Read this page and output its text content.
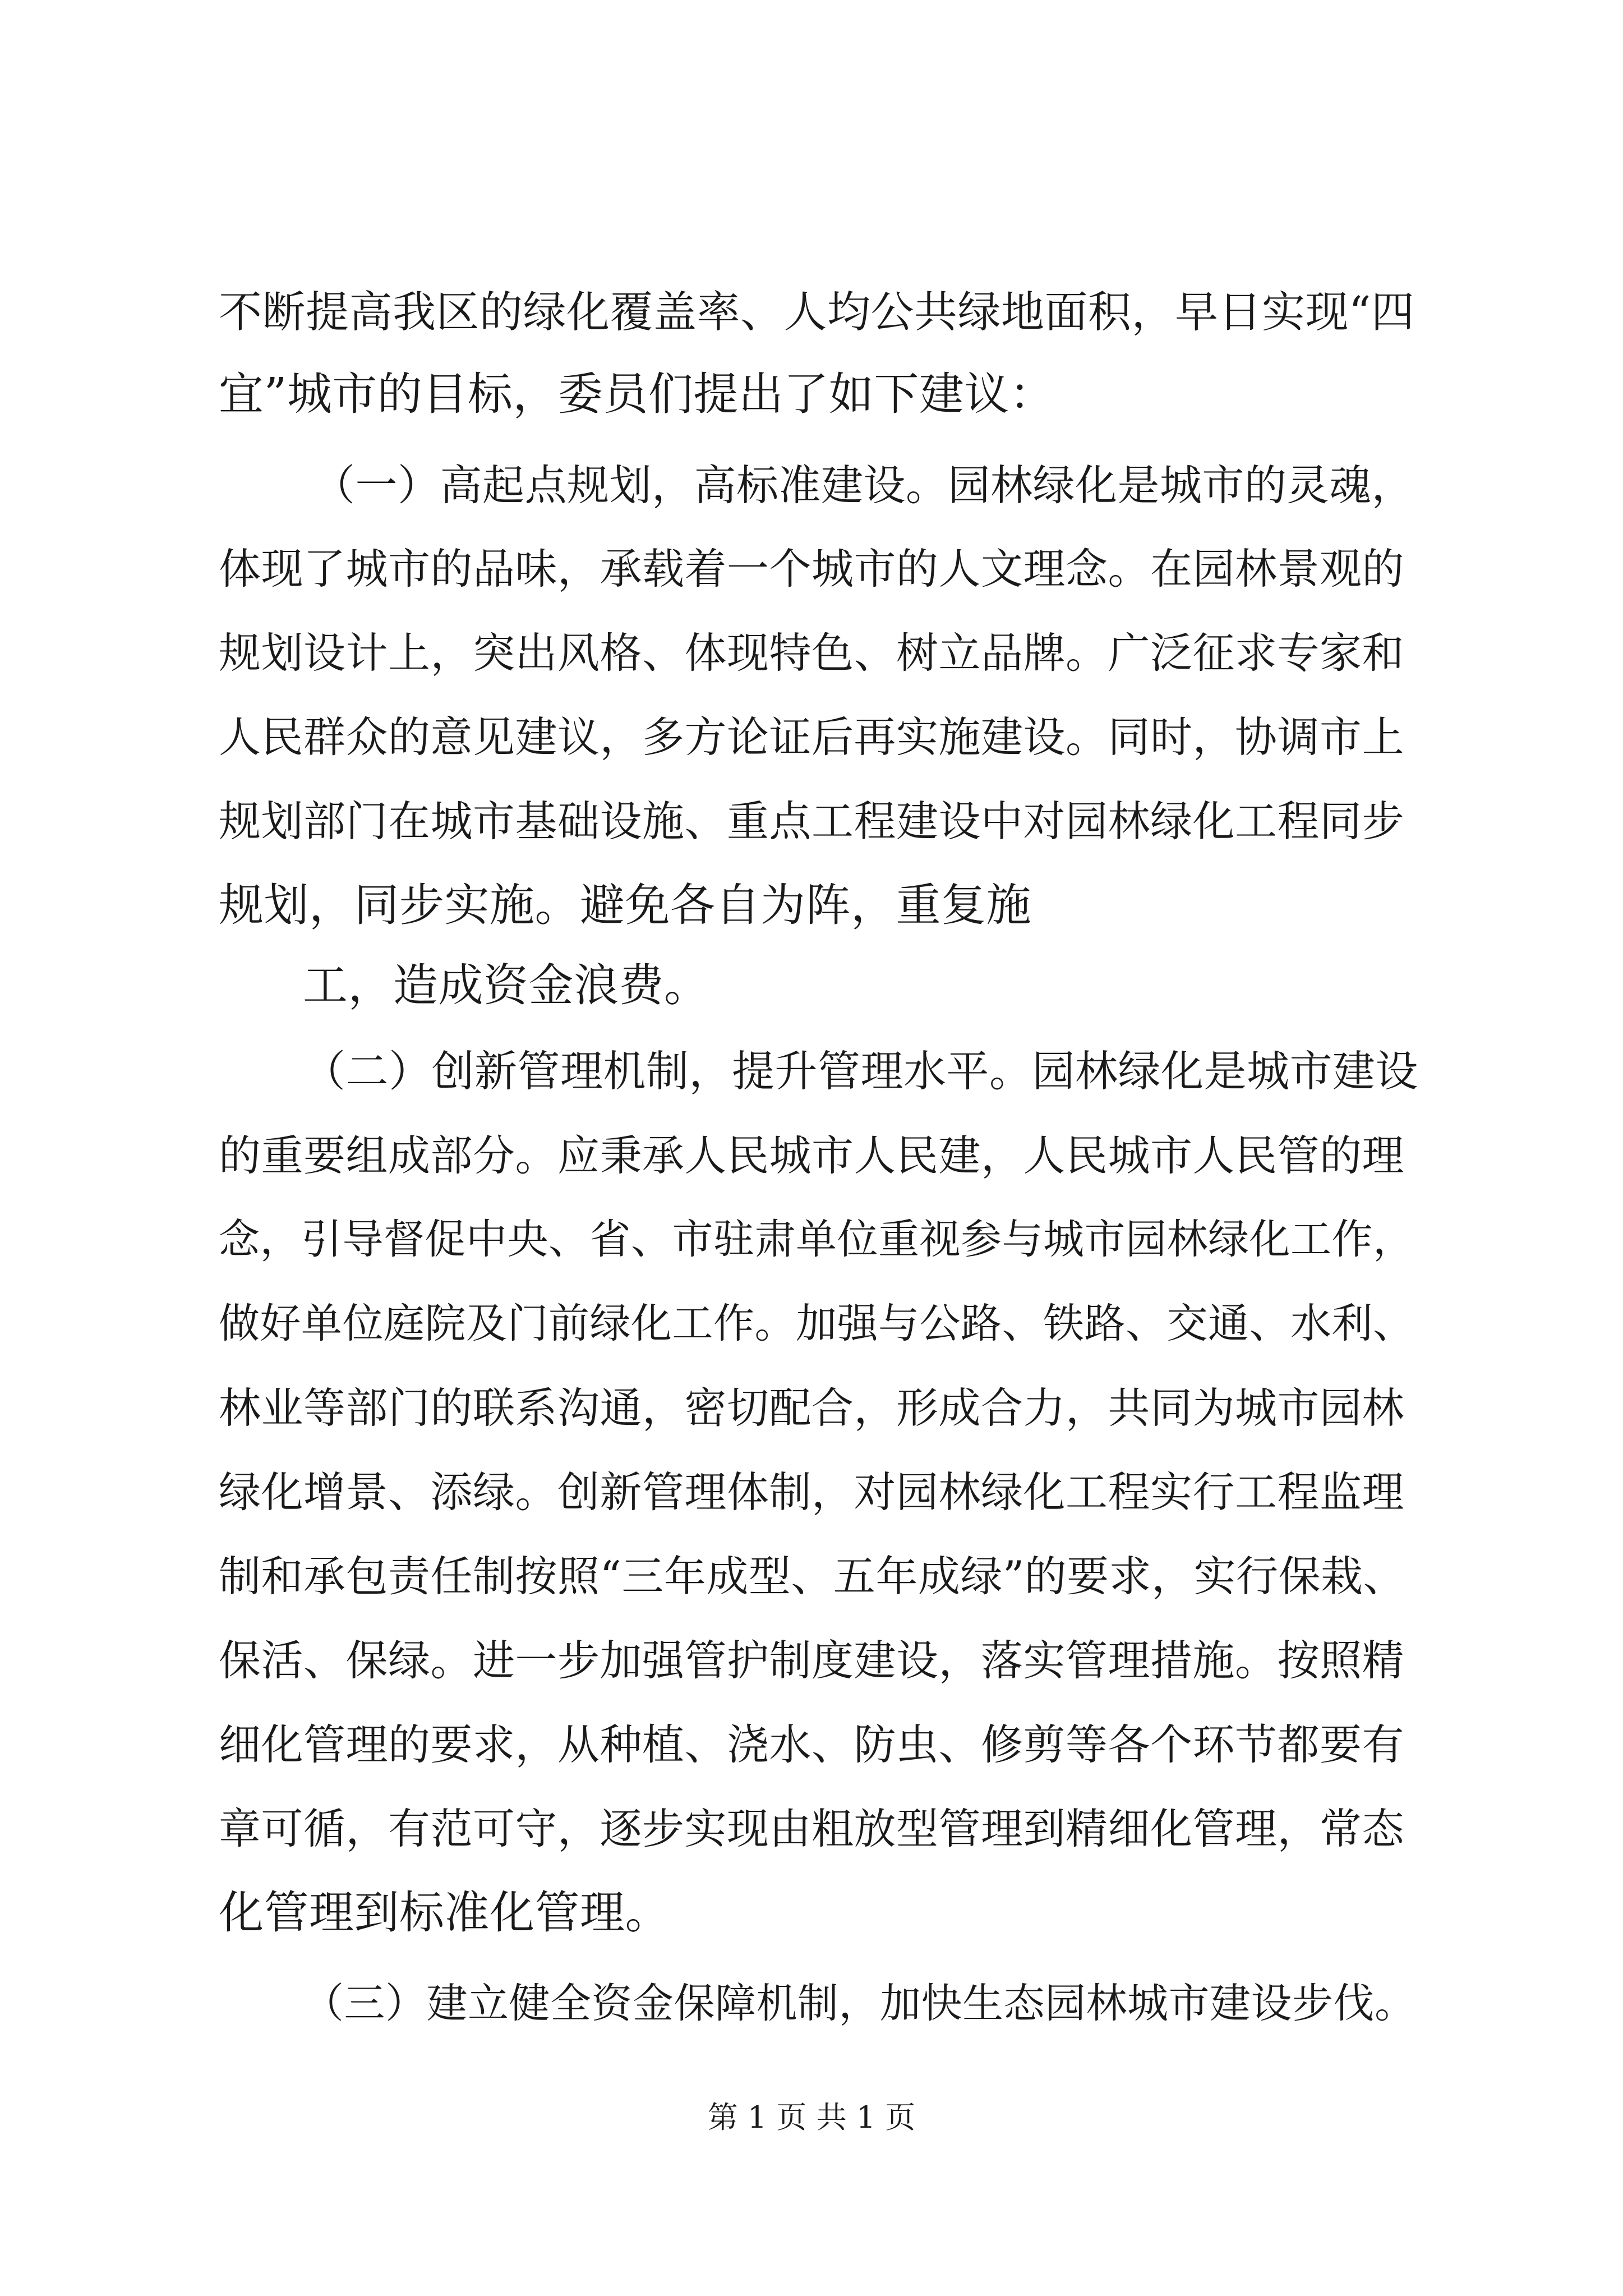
不断提高我区的绿化覆盖率、人均公共绿地面积，早日实现“四
宜”城市的目标，委员们提出了如下建议：
（一）高起点规划，高标准建设。园林绿化是城市的灵魂，
体现了城市的品味，承载着一个城市的人文理念。在园林景观的
规划设计上，突出风格、体现特色、树立品牌。广泛征求专家和
人民群众的意见建议，多方论证后再实施建设。同时，协调市上
规划部门在城市基础设施、重点工程建设中对园林绿化工程同步
规划，同步实施。避免各自为阵，重复施
工，造成资金浪费。
（二）创新管理机制，提升管理水平。园林绿化是城市建设
的重要组成部分。应秉承人民城市人民建，人民城市人民管的理
念，引导督促中央、省、市驻肃单位重视参与城市园林绿化工作，
做好单位庭院及门前绿化工作。加强与公路、铁路、交通、水利、
林业等部门的联系沟通，密切配合，形成合力，共同为城市园林
绿化增景、添绿。创新管理体制，对园林绿化工程实行工程监理
制和承包责任制按照“三年成型、五年成绿”的要求，实行保栽、
保活、保绿。进一步加强管护制度建设，落实管理措施。按照精
细化管理的要求，从种植、浇水、防虫、修剪等各个环节都要有
章可循，有范可守，逐步实现由粗放型管理到精细化管理，常态
化管理到标准化管理。
（三）建立健全资金保障机制，加快生态园林城市建设步伐。
第 1 页 共 1 页
